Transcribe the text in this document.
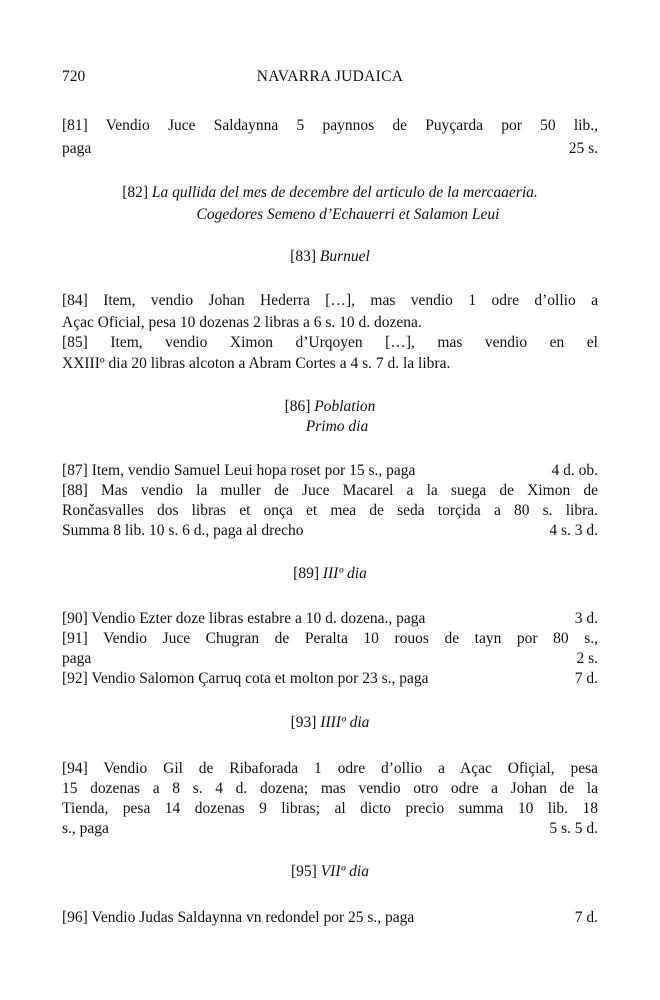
720	NAVARRA JUDAICA
[81] Vendio Juce Saldaynna 5 paynnos de Puyçarda por 50 lib.,
paga	25 s.
[82] La qullida del mes de decembre del articulo de la mercaaeria.
Cogedores Semeno d’Echauerri et Salamon Leui
[83] Burnuel
[84] Item, vendio Johan Hederra […], mas vendio 1 odre d’ollio a
Açac Oficial, pesa 10 dozenas 2 libras a 6 s. 10 d. dozena.
[85] Item, vendio Ximon d’Urqoyen […], mas vendio en el
XXIIIº dia 20 libras alcoton a Abram Cortes a 4 s. 7 d. la libra.
[86] Poblation
Primo dia
[87] Item, vendio Samuel Leui hopa roset por 15 s., paga	4 d. ob.
[88] Mas vendio la muller de Juce Macarel a la suega de Ximon de
Rončasvalles dos libras et onça et mea de seda torçida a 80 s. libra.
Summa 8 lib. 10 s. 6 d., paga al drecho	4 s. 3 d.
[89] IIIº dia
[90] Vendio Ezter doze libras estabre a 10 d. dozena., paga	3 d.
[91] Vendio Juce Chugran de Peralta 10 rouos de tayn por 80 s.,
paga	2 s.
[92] Vendio Salomon Çarruq cota et molton por 23 s., paga	7 d.
[93] IIIIº dia
[94] Vendio Gil de Ribaforada 1 odre d’ollio a Açac Ofiçial, pesa
15 dozenas a 8 s. 4 d. dozena; mas vendio otro odre a Johan de la
Tienda, pesa 14 dozenas 9 libras; al dicto precio summa 10 lib. 18
s., paga	5 s. 5 d.
[95] VIIº dia
[96] Vendio Judas Saldaynna vn redondel por 25 s., paga	7 d.
